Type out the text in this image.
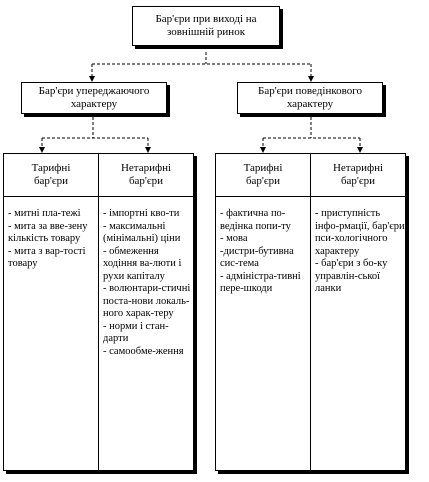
Бар'єри при виході на зовнішній ринок
Бар'єри упереджаючого характеру
Бар'єри поведінкового характеру
Тарифні бар'єри
- митні пла-тежі
- мита за вве-зену кількість товару
- мита з вар-тості товару
Нетарифні бар'єри
- імпортні кво-ти
- максимальні (мінімальні) ціни
- обмеження ходіння ва-люти і рухи капіталу
- волюнтари-стичні поста-нови локаль-ного харак-теру
- норми і стан-дарти
- самообме-ження
Тарифні бар'єри
- фактична по-ведінка попи-ту
- мова
-дистри-бутивна сис-тема
- адміністра-тивні пере-шкоди
Нетарифні бар'єри
- приступність інфо-рмації, бар'єри пси-хологічного характеру
- бар'єри з бо-ку управлін-ської ланки
